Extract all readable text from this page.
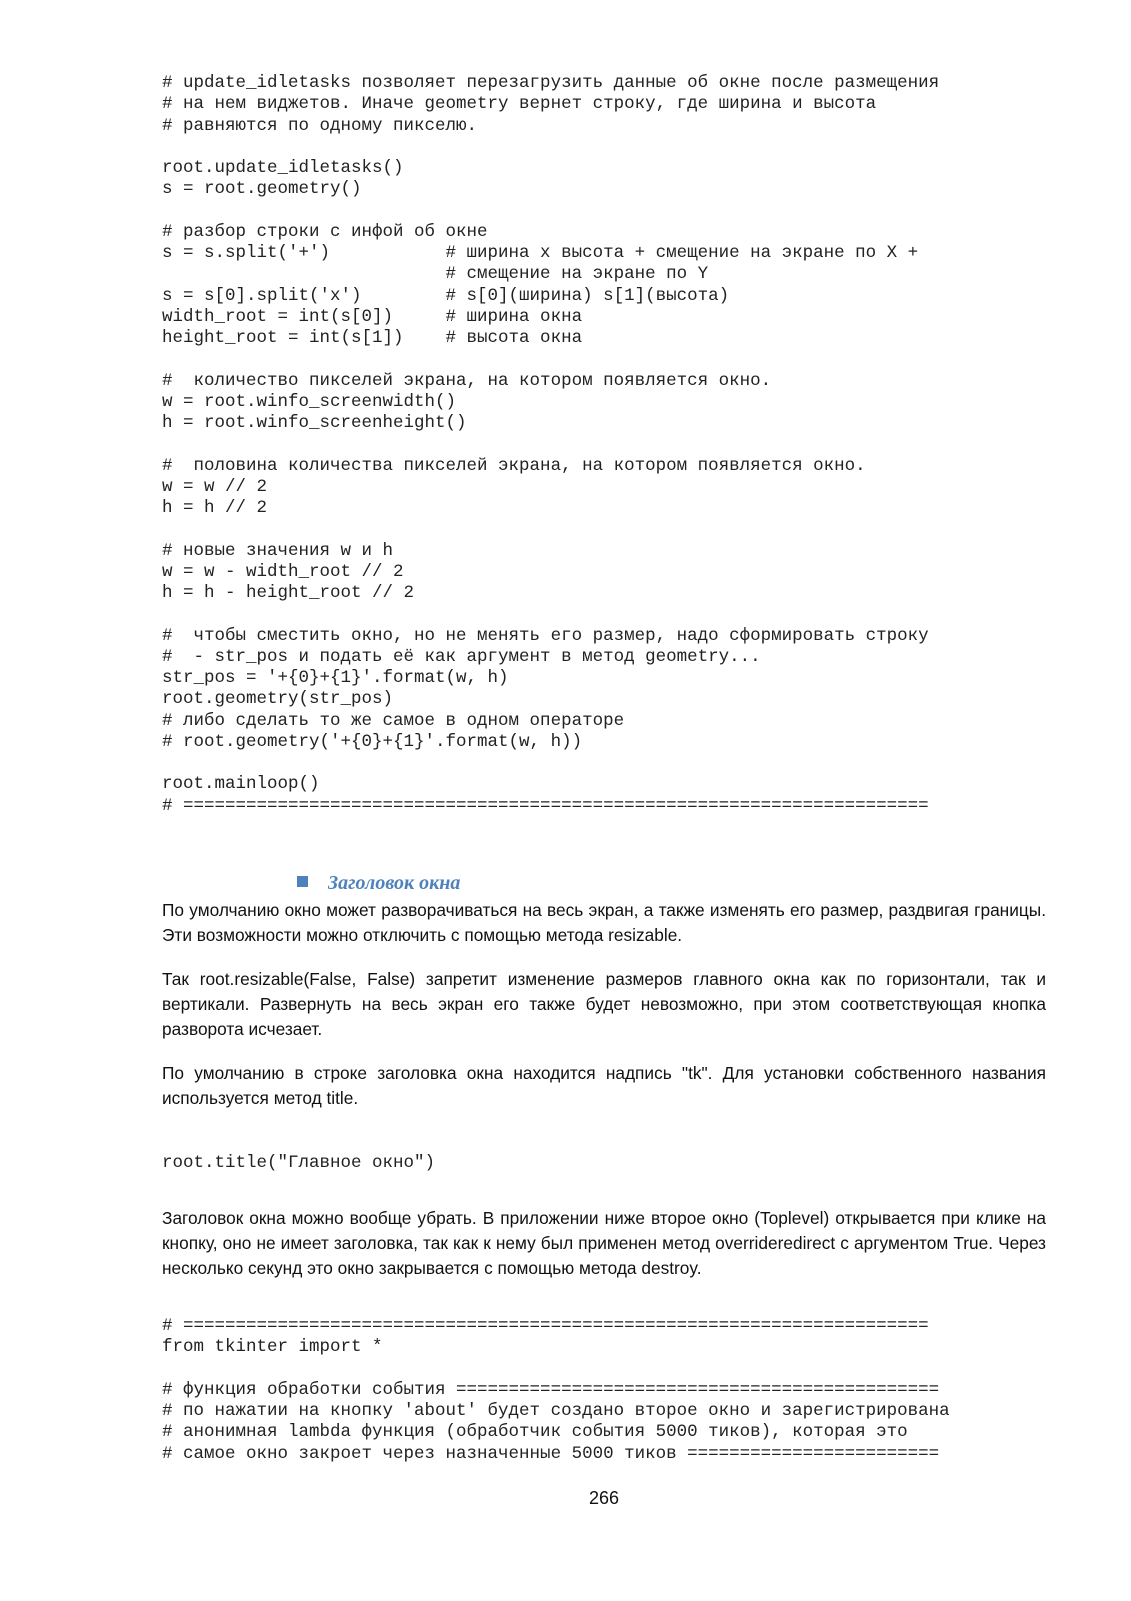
# update_idletasks позволяет перезагрузить данные об окне после размещения
# на нем виджетов. Иначе geometry вернет строку, где ширина и высота
# равняются по одному пикселю.

root.update_idletasks()
s = root.geometry()

# разбор строки с инфой об окне
s = s.split('+')           # ширина х высота + смещение на экране по X +
# смещение на экране по Y
s = s[0].split('x')        # s[0](ширина) s[1](высота)
width_root = int(s[0])     # ширина окна
height_root = int(s[1])    # высота окна

#  количество пикселей экрана, на котором появляется окно.
w = root.winfo_screenwidth()
h = root.winfo_screenheight()

#  половина количества пикселей экрана, на котором появляется окно.
w = w // 2
h = h // 2

# новые значения w и h
w = w - width_root // 2
h = h - height_root // 2

#  чтобы сместить окно, но не менять его размер, надо сформировать строку
#  - str_pos и подать её как аргумент в метод geometry...
str_pos = '+{0}+{1}'.format(w, h)
root.geometry(str_pos)
# либо сделать то же самое в одном операторе
# root.geometry('+{0}+{1}'.format(w, h))

root.mainloop()
# =======================================================================
Заголовок окна

По умолчанию окно может разворачиваться на весь экран, а также изменять его размер, раздвигая границы. Эти возможности можно отключить с помощью метода resizable.

Так root.resizable(False, False) запретит изменение размеров главного окна как по горизонтали, так и вертикали. Развернуть на весь экран его также будет невозможно, при этом соответствующая кнопка разворота исчезает.

По умолчанию в строке заголовка окна находится надпись "tk". Для установки собственного названия используется метод title.

root.title("Главное окно")

Заголовок окна можно вообще убрать. В приложении ниже второе окно (Toplevel) открывается при клике на кнопку, оно не имеет заголовка, так как к нему был применен метод overrideredirect с аргументом True. Через несколько секунд это окно закрывается с помощью метода destroy.

# =======================================================================
from tkinter import *

# функция обработки события ==============================================
# по нажатии на кнопку 'about' будет создано второе окно и зарегистрирована
# анонимная lambda функция (обработчик события 5000 тиков), которая это
# самое окно закроет через назначенные 5000 тиков ========================
266
